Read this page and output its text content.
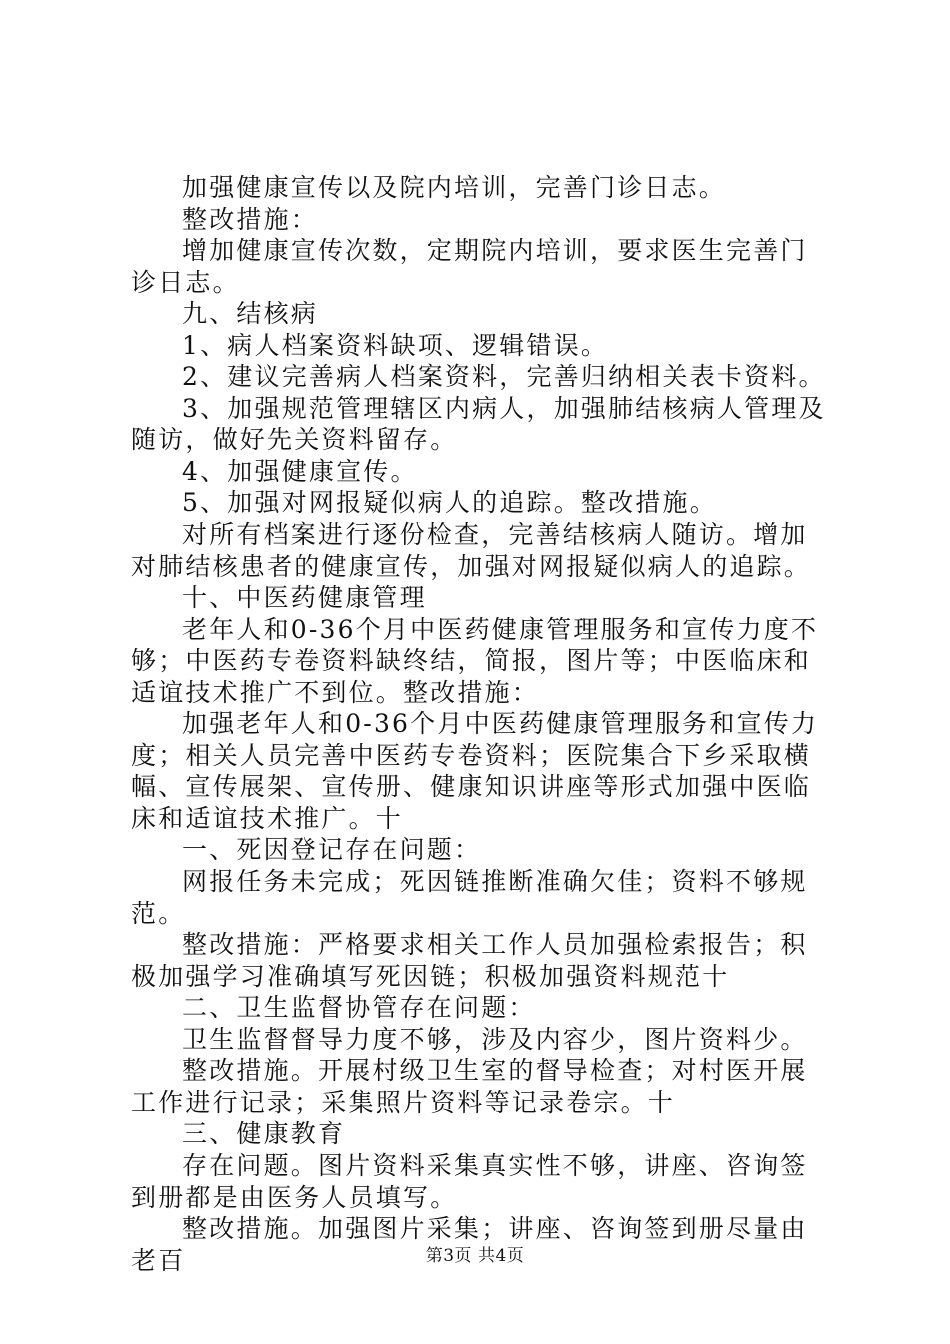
加强健康宣传以及院内培训，完善门诊日志。

整改措施：

增加健康宣传次数，定期院内培训，要求医生完善门诊日志。

九、结核病

1、病人档案资料缺项、逻辑错误。

2、建议完善病人档案资料，完善归纳相关表卡资料。

3、加强规范管理辖区内病人，加强肺结核病人管理及随访，做好先关资料留存。

4、加强健康宣传。

5、加强对网报疑似病人的追踪。整改措施。

对所有档案进行逐份检查，完善结核病人随访。增加对肺结核患者的健康宣传，加强对网报疑似病人的追踪。

十、中医药健康管理

老年人和0-36个月中医药健康管理服务和宣传力度不够；中医药专卷资料缺终结，简报，图片等；中医临床和适谊技术推广不到位。整改措施：

加强老年人和0-36个月中医药健康管理服务和宣传力度；相关人员完善中医药专卷资料；医院集合下乡采取横幅、宣传展架、宣传册、健康知识讲座等形式加强中医临床和适谊技术推广。十

一、死因登记存在问题：

网报任务未完成；死因链推断准确欠佳；资料不够规范。

整改措施：严格要求相关工作人员加强检索报告；积极加强学习准确填写死因链；积极加强资料规范十

二、卫生监督协管存在问题：

卫生监督督导力度不够，涉及内容少，图片资料少。

整改措施。开展村级卫生室的督导检查；对村医开展工作进行记录；采集照片资料等记录卷宗。十

三、健康教育

存在问题。图片资料采集真实性不够，讲座、咨询签到册都是由医务人员填写。

整改措施。加强图片采集；讲座、咨询签到册尽量由老百	第3页 共4页
